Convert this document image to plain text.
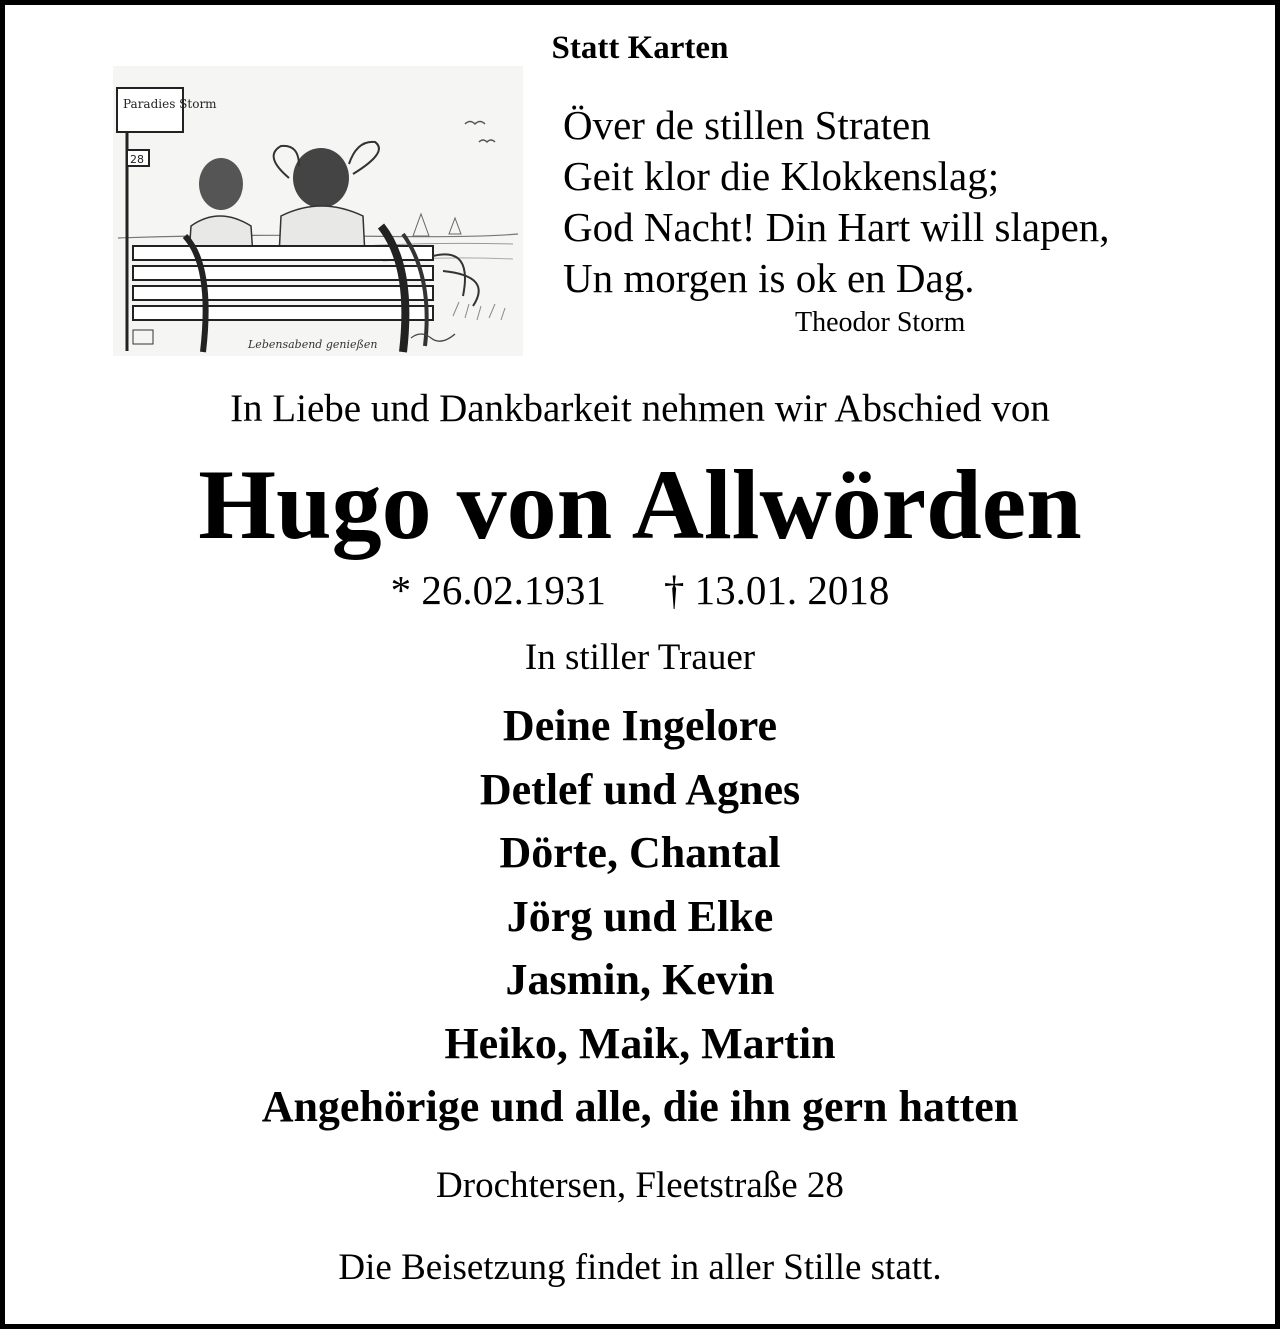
Statt Karten
Paradies Storm
28
Lebensabend genießen
Över de stillen Straten
Geit klor die Klokkenslag;
God Nacht! Din Hart will slapen,
Un morgen is ok en Dag.
Theodor Storm
In Liebe und Dankbarkeit nehmen wir Abschied von
Hugo von Allwörden
* 26.02.1931 † 13.01. 2018
In stiller Trauer
Deine Ingelore
Detlef und Agnes
Dörte, Chantal
Jörg und Elke
Jasmin, Kevin
Heiko, Maik, Martin
Angehörige und alle, die ihn gern hatten
Drochtersen, Fleetstraße 28
Die Beisetzung findet in aller Stille statt.
